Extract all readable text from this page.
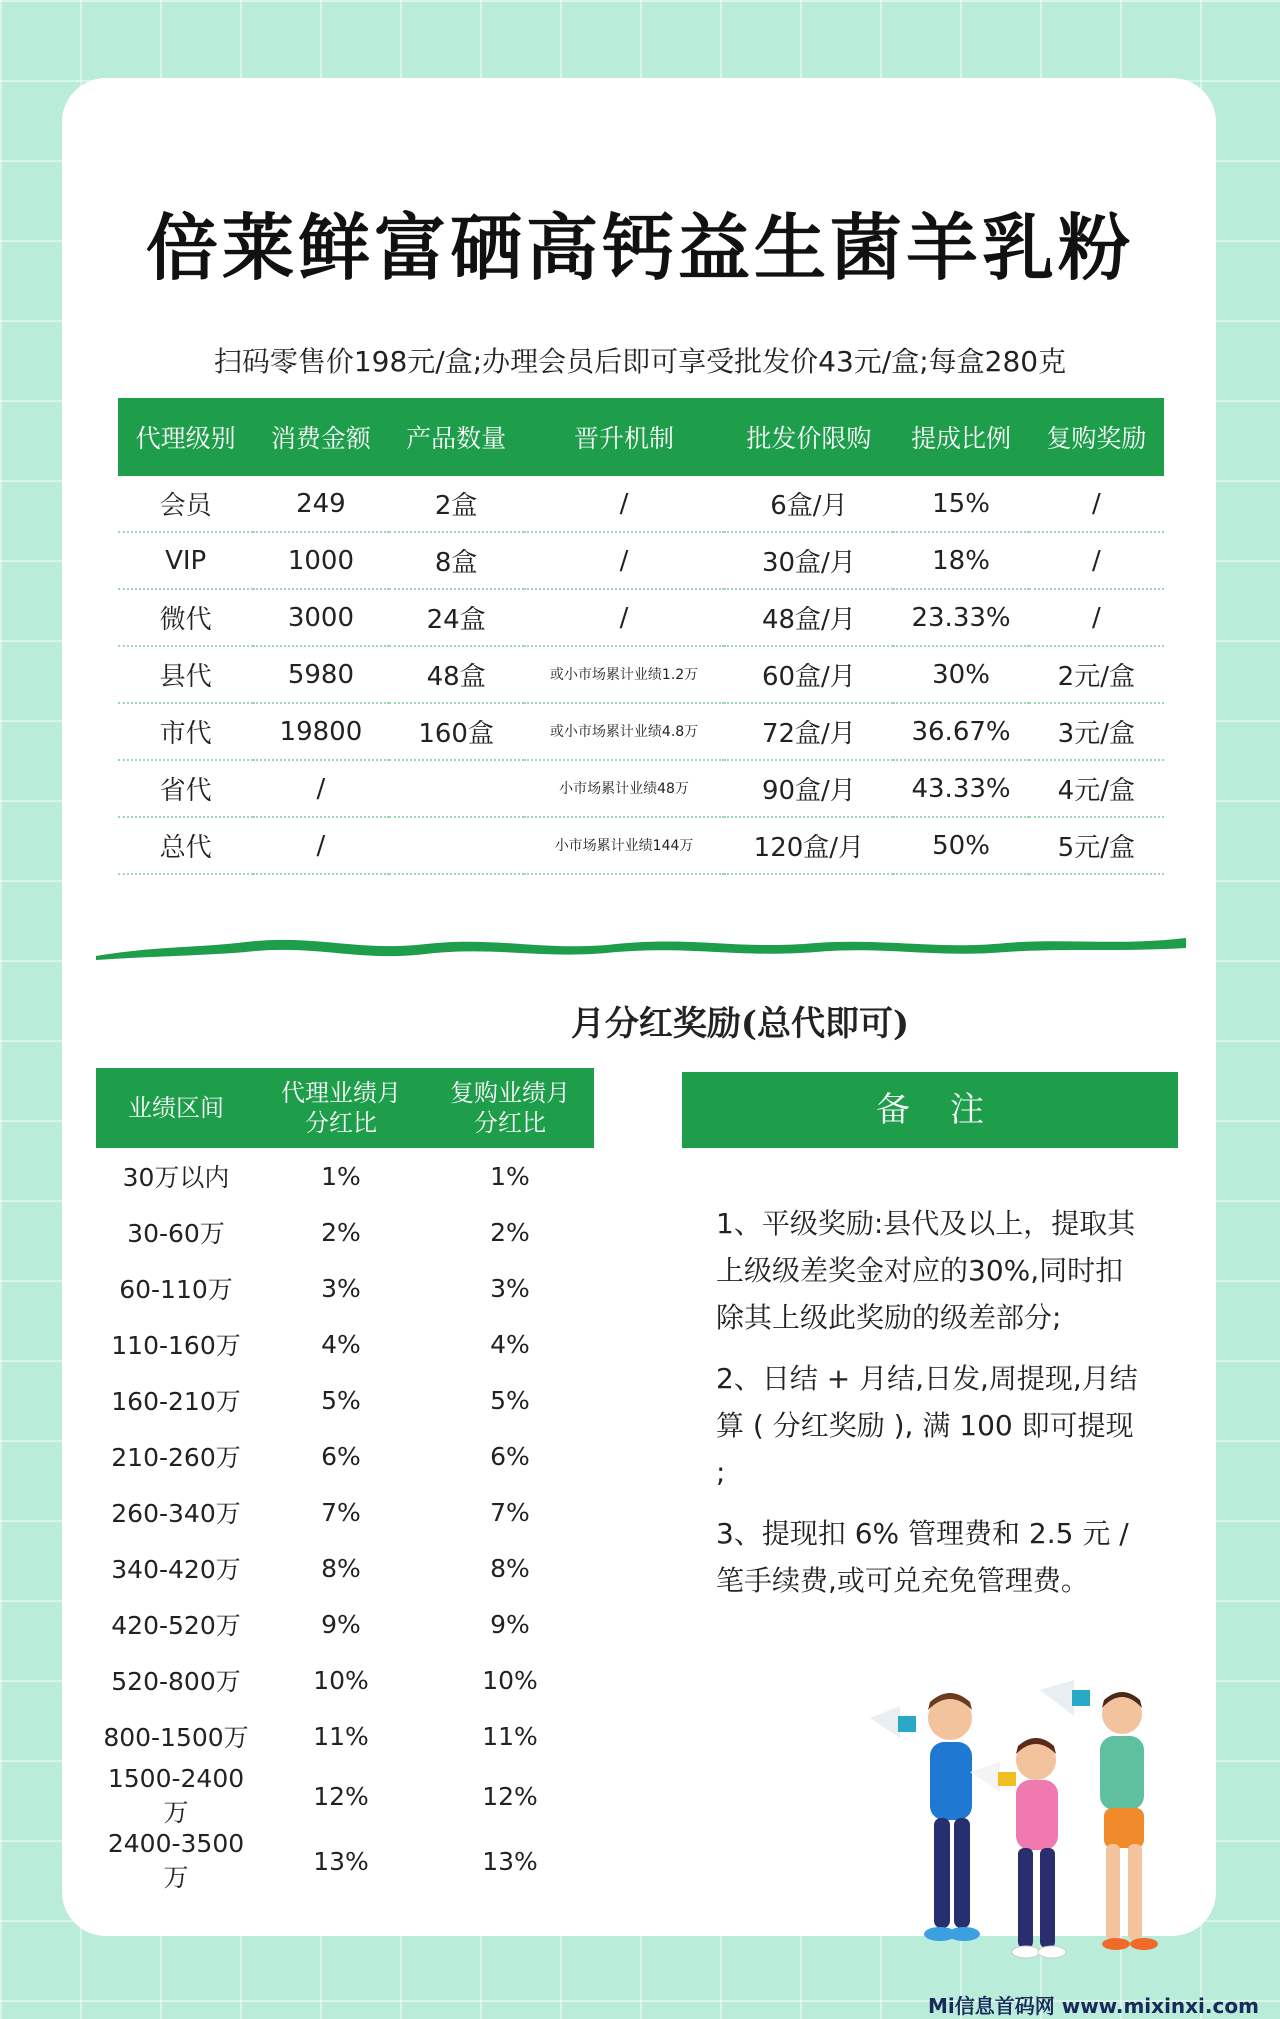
倍莱鲜富硒高钙益生菌羊乳粉
扫码零售价198元/盒;办理会员后即可享受批发价43元/盒;每盒280克
代理级别	消费金额	产品数量	晋升机制	批发价限购	提成比例	复购奖励
会员	249	2盒	/	6盒/月	15%	/
VIP	1000	8盒	/	30盒/月	18%	/
微代	3000	24盒	/	48盒/月	23.33%	/
县代	5980	48盒	或小市场累计业绩1.2万	60盒/月	30%	2元/盒
市代	19800	160盒	或小市场累计业绩4.8万	72盒/月	36.67%	3元/盒
省代	/		小市场累计业绩48万	90盒/月	43.33%	4元/盒
总代	/		小市场累计业绩144万	120盒/月	50%	5元/盒
月分红奖励(总代即可)
业绩区间	代理业绩月分红比	复购业绩月分红比
30万以内	1%	1%
30-60万	2%	2%
60-110万	3%	3%
110-160万	4%	4%
160-210万	5%	5%
210-260万	6%	6%
260-340万	7%	7%
340-420万	8%	8%
420-520万	9%	9%
520-800万	10%	10%
800-1500万	11%	11%
1500-2400万	12%	12%
2400-3500万	13%	13%
备注

1、平级奖励:县代及以上，提取其上级级差奖金对应的30%,同时扣除其上级此奖励的级差部分;

2、日结 + 月结,日发,周提现,月结算 ( 分红奖励 ), 满 100 即可提现 ;

3、提现扣 6% 管理费和 2.5 元 / 笔手续费,或可兑充免管理费。

Mi信息首码网 www.mixinxi.com
